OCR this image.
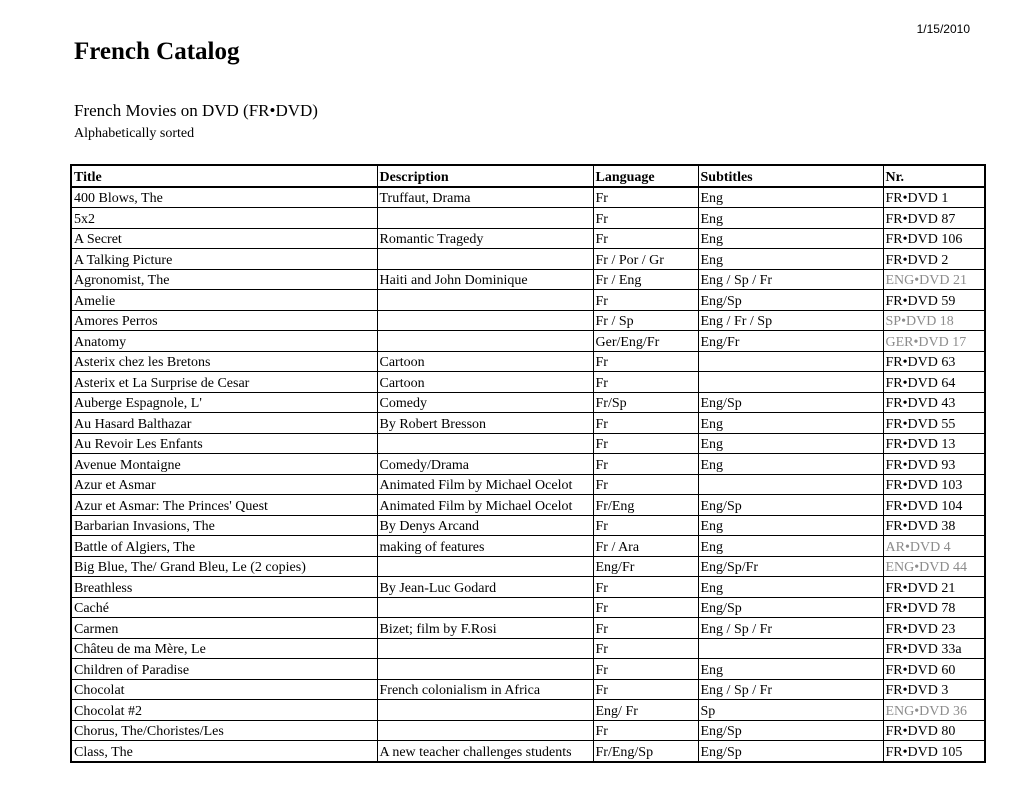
1/15/2010
French Catalog
French Movies on DVD (FR•DVD)
Alphabetically sorted
Title	Description	Language	Subtitles	Nr.
400 Blows, The	Truffaut, Drama	Fr	Eng	FR•DVD 1
5x2		Fr	Eng	FR•DVD 87
A Secret	Romantic Tragedy	Fr	Eng	FR•DVD 106
A Talking Picture		Fr / Por / Gr	Eng	FR•DVD 2
Agronomist, The	Haiti and John Dominique	Fr / Eng	Eng / Sp / Fr	ENG•DVD 21
Amelie		Fr	Eng/Sp	FR•DVD 59
Amores Perros		Fr / Sp	Eng / Fr / Sp	SP•DVD 18
Anatomy		Ger/Eng/Fr	Eng/Fr	GER•DVD 17
Asterix chez les Bretons	Cartoon	Fr		FR•DVD 63
Asterix et La Surprise de Cesar	Cartoon	Fr		FR•DVD 64
Auberge Espagnole, L'	Comedy	Fr/Sp	Eng/Sp	FR•DVD 43
Au Hasard Balthazar	By Robert Bresson	Fr	Eng	FR•DVD 55
Au Revoir Les Enfants		Fr	Eng	FR•DVD 13
Avenue Montaigne	Comedy/Drama	Fr	Eng	FR•DVD 93
Azur et Asmar	Animated Film by Michael Ocelot	Fr		FR•DVD 103
Azur et Asmar: The Princes' Quest	Animated Film by Michael Ocelot	Fr/Eng	Eng/Sp	FR•DVD 104
Barbarian Invasions, The	By Denys Arcand	Fr	Eng	FR•DVD 38
Battle of Algiers, The	making of features	Fr / Ara	Eng	AR•DVD 4
Big Blue, The/ Grand Bleu, Le (2 copies)		Eng/Fr	Eng/Sp/Fr	ENG•DVD 44
Breathless	By Jean-Luc Godard	Fr	Eng	FR•DVD 21
Caché		Fr	Eng/Sp	FR•DVD 78
Carmen	Bizet; film by F.Rosi	Fr	Eng / Sp / Fr	FR•DVD 23
Châteu de ma Mère, Le		Fr		FR•DVD 33a
Children of Paradise		Fr	Eng	FR•DVD 60
Chocolat	French colonialism in Africa	Fr	Eng / Sp / Fr	FR•DVD 3
Chocolat #2		Eng/ Fr	Sp	ENG•DVD 36
Chorus, The/Choristes/Les		Fr	Eng/Sp	FR•DVD 80
Class, The	A new teacher challenges students	Fr/Eng/Sp	Eng/Sp	FR•DVD 105
